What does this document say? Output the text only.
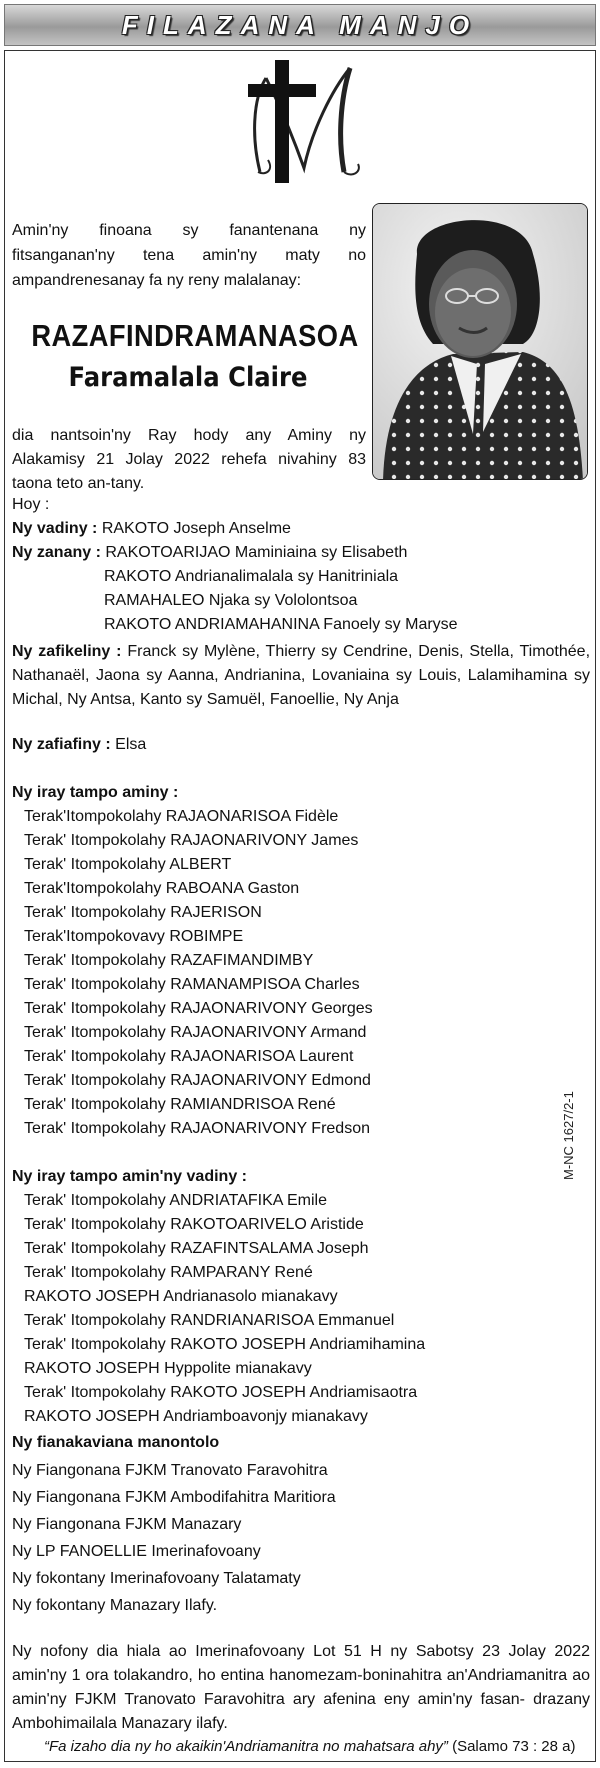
FILAZANA MANJO
Amin'ny finoana sy fanantenana ny fitsanganan'ny tena amin'ny maty no ampandrenesanay fa ny reny malalanay:
RAZAFINDRAMANASOA
Faramalala Claire
dia nantsoin'ny Ray hody any Aminy ny Alakamisy 21 Jolay 2022 rehefa nivahiny 83 taona teto an-tany.
Hoy :
Ny vadiny : RAKOTO Joseph Anselme
Ny zanany : RAKOTOARIJAO Maminiaina sy Elisabeth
RAKOTO Andrianalimalala sy Hanitriniala
RAMAHALEO Njaka sy Vololontsoa
RAKOTO ANDRIAMAHANINA Fanoely sy Maryse
Ny zafikeliny : Franck sy Mylène, Thierry sy Cendrine, Denis, Stella, Timothée, Nathanaël, Jaona sy Aanna, Andrianina, Lovaniaina sy Louis, Lalamihamina sy Michal, Ny Antsa, Kanto sy Samuël, Fanoellie, Ny Anja
Ny zafiafiny : Elsa
Ny iray tampo aminy :
Terak'Itompokolahy RAJAONARISOA Fidèle
Terak' Itompokolahy RAJAONARIVONY James
Terak' Itompokolahy ALBERT
Terak'Itompokolahy RABOANA Gaston
Terak' Itompokolahy RAJERISON
Terak'Itompokovavy ROBIMPE
Terak' Itompokolahy RAZAFIMANDIMBY
Terak' Itompokolahy RAMANAMPISOA Charles
Terak' Itompokolahy RAJAONARIVONY Georges
Terak' Itompokolahy RAJAONARIVONY Armand
Terak' Itompokolahy RAJAONARISOA Laurent
Terak' Itompokolahy RAJAONARIVONY Edmond
Terak' Itompokolahy RAMIANDRISOA René
Terak' Itompokolahy RAJAONARIVONY Fredson
Ny iray tampo amin'ny vadiny :
Terak' Itompokolahy ANDRIATAFIKA Emile
Terak' Itompokolahy RAKOTOARIVELO Aristide
Terak' Itompokolahy RAZAFINTSALAMA Joseph
Terak' Itompokolahy RAMPARANY René
RAKOTO JOSEPH Andrianasolo mianakavy
Terak' Itompokolahy RANDRIANARISOA Emmanuel
Terak' Itompokolahy RAKOTO JOSEPH Andriamihamina
RAKOTO JOSEPH Hyppolite mianakavy
Terak' Itompokolahy RAKOTO JOSEPH Andriamisaotra
RAKOTO JOSEPH Andriamboavonjy mianakavy
Ny fianakaviana manontolo
Ny Fiangonana FJKM Tranovato Faravohitra
Ny Fiangonana FJKM Ambodifahitra Maritiora
Ny Fiangonana FJKM Manazary
Ny LP FANOELLIE Imerinafovoany
Ny fokontany Imerinafovoany Talatamaty
Ny fokontany Manazary Ilafy.
Ny nofony dia hiala ao Imerinafovoany Lot 51 H ny Sabotsy 23 Jolay 2022 amin'ny 1 ora tolakandro, ho entina hanomezam-boninahitra an'Andriamanitra ao amin'ny FJKM Tranovato Faravohitra ary afenina eny amin'ny fasan- drazany Ambohimailala Manazary ilafy.
“Fa izaho dia ny ho akaikin'Andriamanitra no mahatsara ahy” (Salamo 73 : 28 a)
M-NC 1627/2-1
